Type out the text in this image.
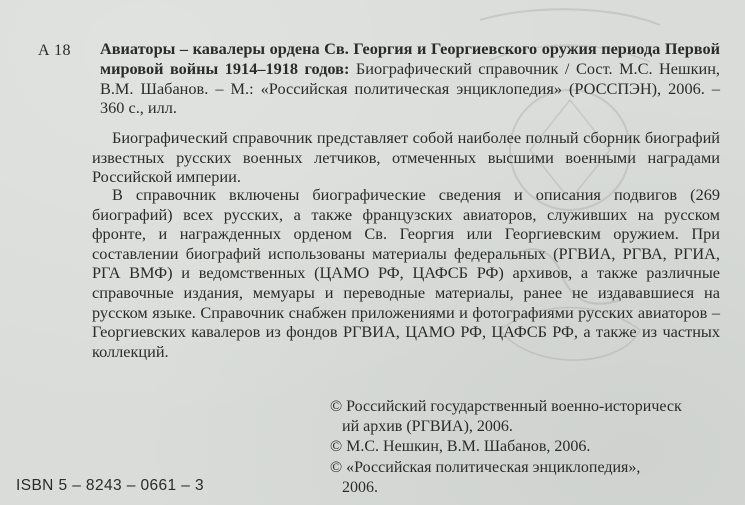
А 18 Авиаторы – кавалеры ордена Св. Георгия и Георгиевского оружия периода Первой мировой войны 1914–1918 годов: Биографический справочник / Сост. М.С. Нешкин, В.М. Шабанов. – М.: «Российская политическая энциклопедия» (РОССПЭН), 2006. – 360 с., илл.
Биографический справочник представляет собой наиболее полный сборник биографий известных русских военных летчиков, отмеченных высшими военными наградами Российской империи.
В справочник включены биографические сведения и описания подвигов (269 биографий) всех русских, а также французских авиаторов, служивших на русском фронте, и награжденных орденом Св. Георгия или Георгиевским оружием. При составлении биографий использованы материалы федеральных (РГВИА, РГВА, РГИА, РГА ВМФ) и ведомственных (ЦАМО РФ, ЦАФСБ РФ) архивов, а также различные справочные издания, мемуары и переводные материалы, ранее не издававшиеся на русском языке. Справочник снабжен приложениями и фотографиями русских авиаторов – Георгиевских кавалеров из фондов РГВИА, ЦАМО РФ, ЦАФСБ РФ, а также из частных коллекций.
© Российский государственный военно-историческ
ий архив (РГВИА), 2006.
© М.С. Нешкин, В.М. Шабанов, 2006.
© «Российская политическая энциклопедия»,
2006.
ISBN 5 – 8243 – 0661 – 3
